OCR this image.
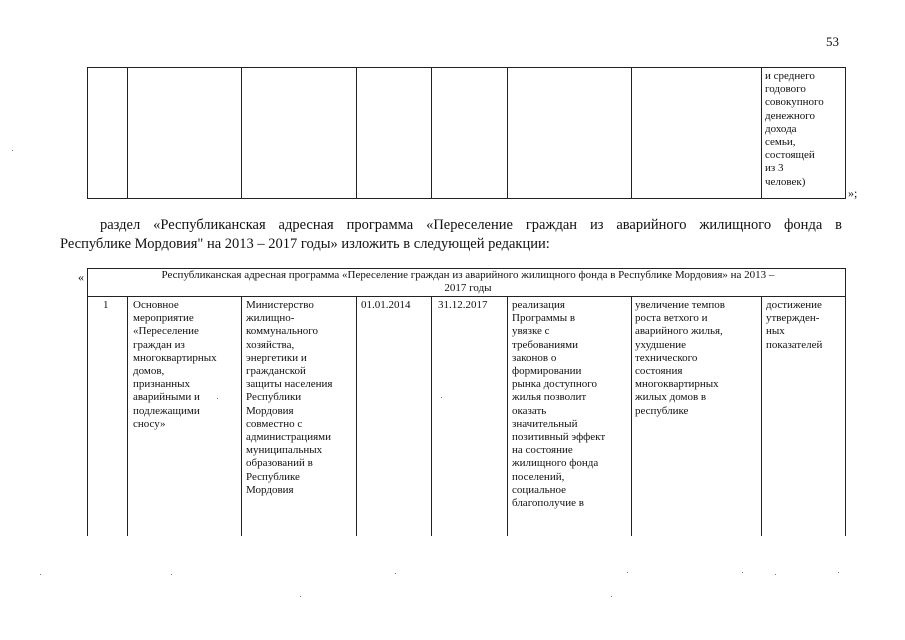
53
и среднего
годового
совокупного
денежного
дохода
семьи,
состоящей
из 3
человек)
»;
раздел «Республиканская адресная программа «Переселение граждан из аварийного жилищного фонда в
Республике Мордовия" на 2013 – 2017 годы» изложить в следующей редакции:
«	Республиканская адресная программа «Переселение граждан из аварийного жилищного фонда в Республике Мордовия» на 2013 –
2017 годы
1 Основное
мероприятие
«Переселение
граждан из
многоквартирных
домов,
признанных
аварийными и
подлежащими
сносу»
Министерство
жилищно-
коммунального
хозяйства,
энергетики и
гражданской
защиты населения
Республики
Мордовия
совместно с
администрациями
муниципальных
образований в
Республике
Мордовия
01.01.2014	31.12.2017 реализация
Программы в
увязке с
требованиями
законов о
формировании
рынка доступного
жилья позволит
оказать
значительный
позитивный эффект
на состояние
жилищного фонда
поселений,
социальное
благополучие в
увеличение темпов
роста ветхого и
аварийного жилья,
ухудшение
технического
состояния
многоквартирных
жилых домов в
республике
достижение
утвержден-
ных
показателей
